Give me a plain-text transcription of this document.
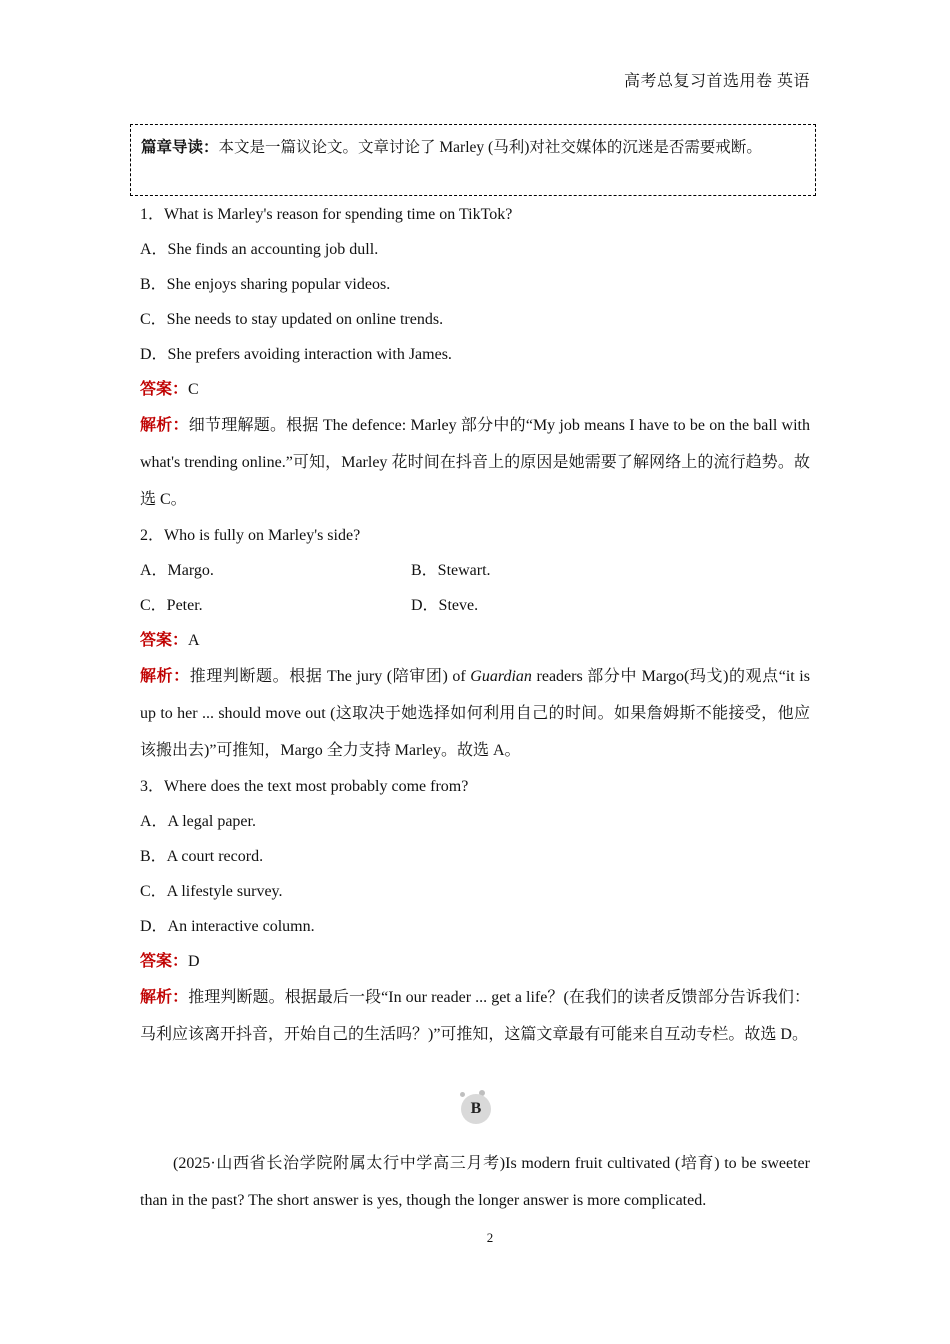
高考总复习首选用卷 英语
篇章导读：本文是一篇议论文。文章讨论了 Marley (马利)对社交媒体的沉迷是否需要戒断。
1．What is Marley's reason for spending time on TikTok?
A．She finds an accounting job dull.
B．She enjoys sharing popular videos.
C．She needs to stay updated on online trends.
D．She prefers avoiding interaction with James.
答案：C
解析：细节理解题。根据 The defence: Marley 部分中的“My job means I have to be on the ball with what's trending online.”可知，Marley 花时间在抖音上的原因是她需要了解网络上的流行趋势。故选 C。
2．Who is fully on Marley's side?
A．Margo.	B．Stewart.
C．Peter.	D．Steve.
答案：A
解析：推理判断题。根据 The jury (陪审团) of Guardian readers 部分中 Margo(玛戈)的观点“it is up to her ... should move out (这取决于她选择如何利用自己的时间。如果詹姆斯不能接受，他应该搬出去)”可推知，Margo 全力支持 Marley。故选 A。
3．Where does the text most probably come from?
A．A legal paper.
B．A court record.
C．A lifestyle survey.
D．An interactive column.
答案：D
解析：推理判断题。根据最后一段“In our reader ... get a life？(在我们的读者反馈部分告诉我们：马利应该离开抖音，开始自己的生活吗？)”可推知，这篇文章最有可能来自互动专栏。故选 D。
B
(2025·山西省长治学院附属太行中学高三月考)Is modern fruit cultivated (培育) to be sweeter than in the past? The short answer is yes, though the longer answer is more complicated.
2
